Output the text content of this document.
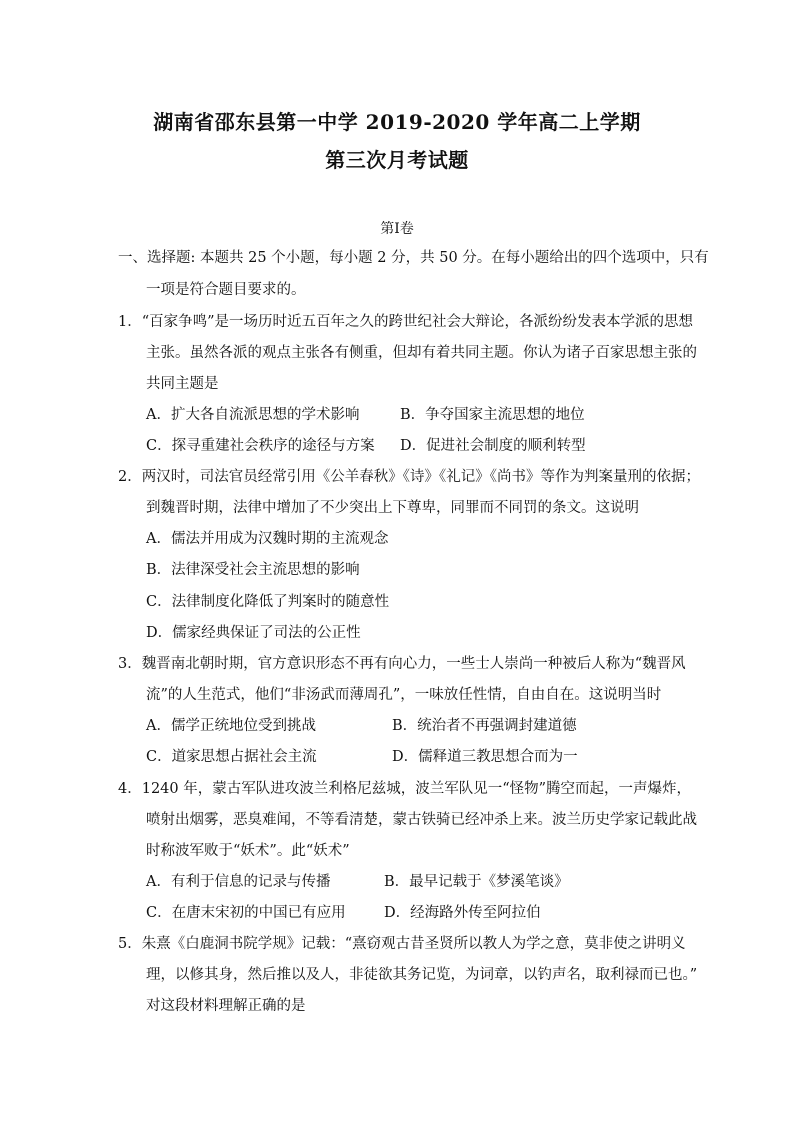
湖南省邵东县第一中学 2019-2020 学年高二上学期
第三次月考试题
第Ⅰ卷
一、选择题: 本题共 25 个小题，每小题 2 分，共 50 分。在每小题给出的四个选项中，只有
一项是符合题目要求的。
1．“百家争鸣”是一场历时近五百年之久的跨世纪社会大辩论，各派纷纷发表本学派的思想
主张。虽然各派的观点主张各有侧重，但却有着共同主题。你认为诸子百家思想主张的
共同主题是
A．扩大各自流派思想的学术影响	B．争夺国家主流思想的地位
C．探寻重建社会秩序的途径与方案 D．促进社会制度的顺利转型
2．两汉时，司法官员经常引用《公羊春秋》《诗》《礼记》《尚书》等作为判案量刑的依据；
到魏晋时期，法律中增加了不少突出上下尊卑，同罪而不同罚的条文。这说明
A．儒法并用成为汉魏时期的主流观念
B．法律深受社会主流思想的影响
C．法律制度化降低了判案时的随意性
D．儒家经典保证了司法的公正性
3．魏晋南北朝时期，官方意识形态不再有向心力，一些士人崇尚一种被后人称为“魏晋风
流”的人生范式，他们“非汤武而薄周孔”，一味放任性情，自由自在。这说明当时
A．儒学正统地位受到挑战	B．统治者不再强调封建道德
C．道家思想占据社会主流	D．儒释道三教思想合而为一
4．1240 年，蒙古军队进攻波兰利格尼兹城，波兰军队见一“怪物”腾空而起，一声爆炸，
喷射出烟雾，恶臭难闻，不等看清楚，蒙古铁骑已经冲杀上来。波兰历史学家记载此战
时称波军败于“妖术”。此“妖术”
A．有利于信息的记录与传播	B．最早记载于《梦溪笔谈》
C．在唐末宋初的中国已有应用	D．经海路外传至阿拉伯
5．朱熹《白鹿洞书院学规》记载：“熹窃观古昔圣贤所以教人为学之意，莫非使之讲明义
理，以修其身，然后推以及人，非徒欲其务记览，为词章，以钓声名，取利禄而已也。”
对这段材料理解正确的是
